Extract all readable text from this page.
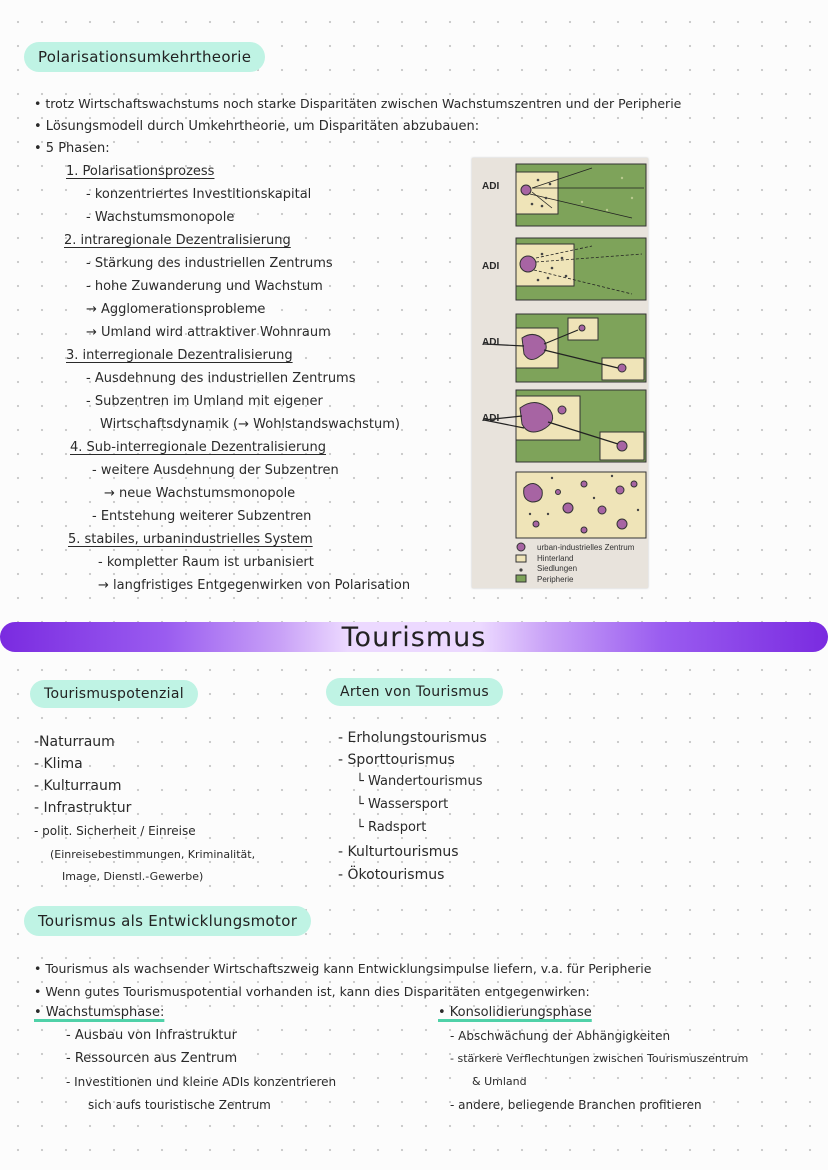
Polarisationsumkehrtheorie
• trotz Wirtschaftswachstums noch starke Disparitäten zwischen Wachstumszentren und der Peripherie
• Lösungsmodell durch Umkehrtheorie, um Disparitäten abzubauen:
• 5 Phasen:
1. Polarisationsprozess
- konzentriertes Investitionskapital
- Wachstumsmonopole
2. intraregionale Dezentralisierung
- Stärkung des industriellen Zentrums
- hohe Zuwanderung und Wachstum
→ Agglomerationsprobleme
→ Umland wird attraktiver Wohnraum
3. interregionale Dezentralisierung
- Ausdehnung des industriellen Zentrums
- Subzentren im Umland mit eigener
Wirtschaftsdynamik (→ Wohlstandswachstum)
4. Sub-interregionale Dezentralisierung
- weitere Ausdehnung der Subzentren
→ neue Wachstumsmonopole
- Entstehung weiterer Subzentren
5. stabiles, urbanindustrielles System
- kompletter Raum ist urbanisiert
→ langfristiges Entgegenwirken von Polarisation
ADI
ADI
ADI
ADI
urban-industrielles Zentrum
Hinterland
Siedlungen
Peripherie
Tourismus
Tourismuspotenzial
-Naturraum
- Klima
- Kulturraum
- Infrastruktur
- polit. Sicherheit / Einreise
(Einreisebestimmungen, Kriminalität,
Image, Dienstl.-Gewerbe)
Arten von Tourismus
- Erholungstourismus
- Sporttourismus
└ Wandertourismus
└ Wassersport
└ Radsport
- Kulturtourismus
- Ökotourismus
Tourismus als Entwicklungsmotor
• Tourismus als wachsender Wirtschaftszweig kann Entwicklungsimpulse liefern, v.a. für Peripherie
• Wenn gutes Tourismuspotential vorhanden ist, kann dies Disparitäten entgegenwirken:
• Wachstumsphase:
- Ausbau von Infrastruktur
- Ressourcen aus Zentrum
- Investitionen und kleine ADIs konzentrieren
sich aufs touristische Zentrum
• Konsolidierungsphase
- Abschwächung der Abhängigkeiten
- stärkere Verflechtungen zwischen Tourismuszentrum
& Umland
- andere, beliegende Branchen profitieren
